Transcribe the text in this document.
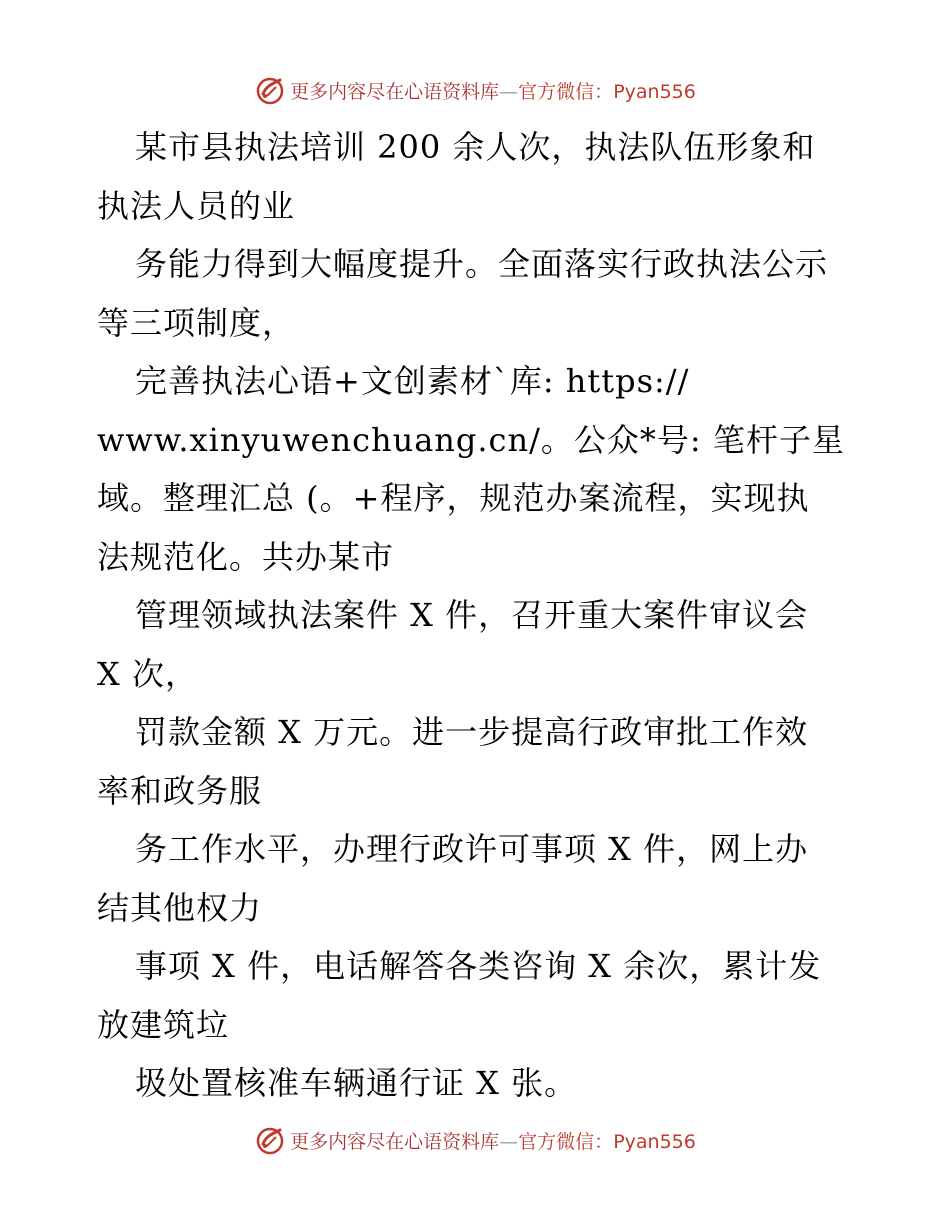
更多内容尽在心语资料库—官方微信：Pyan556
某市县执法培训 200 余人次，执法队伍形象和
执法人员的业
务能力得到大幅度提升。全面落实行政执法公示
等三项制度，
完善执法心语+文创素材`库: https://
www.xinyuwenchuang.cn/。公众*号: 笔杆子星
域。整理汇总 (。+程序，规范办案流程，实现执
法规范化。共办某市
管理领域执法案件 X 件，召开重大案件审议会
X 次，
罚款金额 X 万元。进一步提高行政审批工作效
率和政务服
务工作水平，办理行政许可事项 X 件，网上办
结其他权力
事项 X 件，电话解答各类咨询 X 余次，累计发
放建筑垃
圾处置核准车辆通行证 X 张。
更多内容尽在心语资料库—官方微信：Pyan556
